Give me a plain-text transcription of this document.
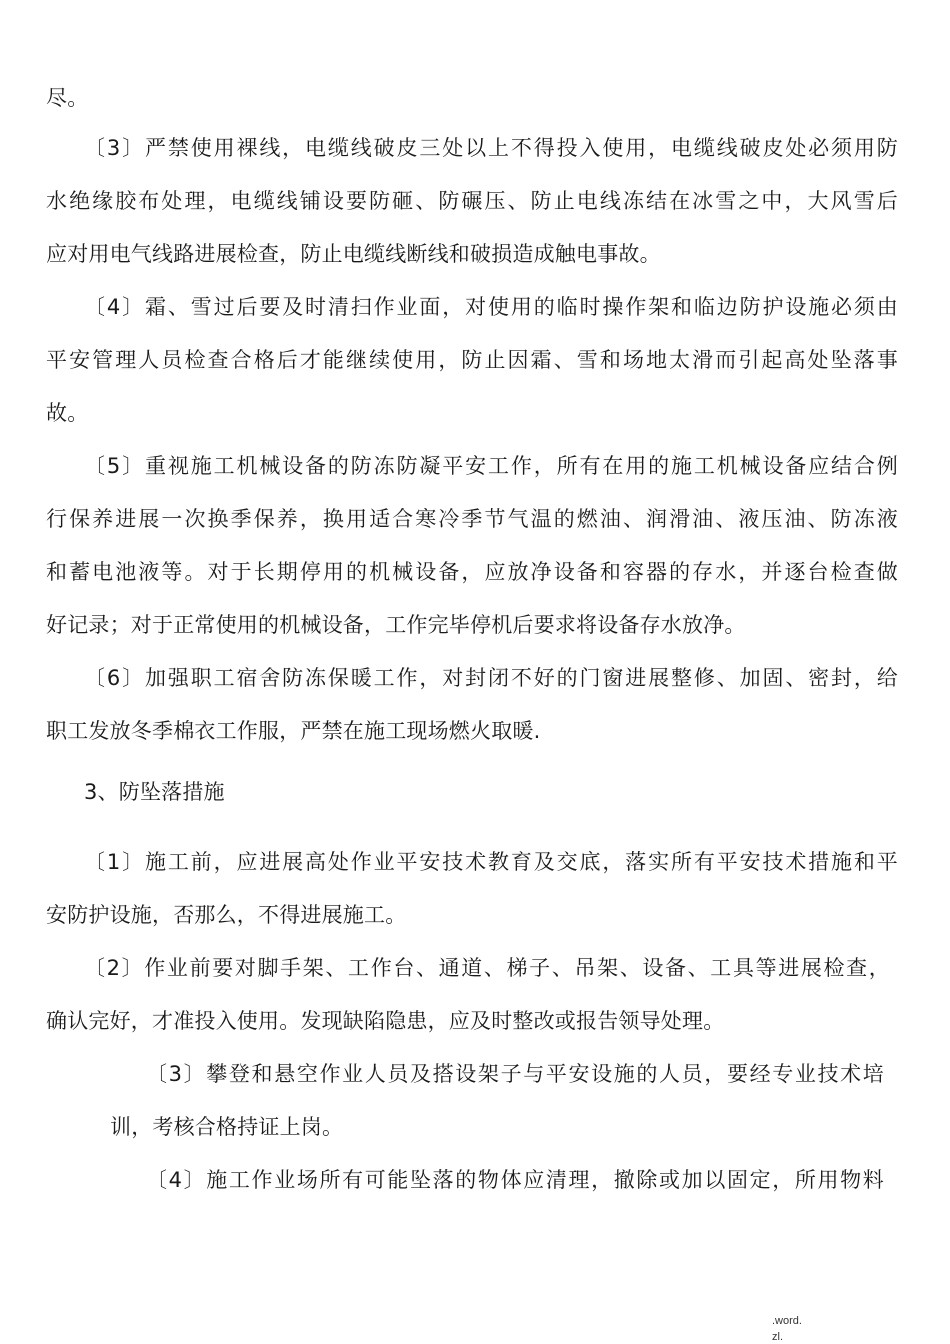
尽。
〔3〕严禁使用裸线，电缆线破皮三处以上不得投入使用，电缆线破皮处必须用防
水绝缘胶布处理，电缆线铺设要防砸、防碾压、防止电线冻结在冰雪之中，大风雪后
应对用电气线路进展检查，防止电缆线断线和破损造成触电事故。
〔4〕霜、雪过后要及时清扫作业面，对使用的临时操作架和临边防护设施必须由
平安管理人员检查合格后才能继续使用，防止因霜、雪和场地太滑而引起高处坠落事
故。
〔5〕重视施工机械设备的防冻防凝平安工作，所有在用的施工机械设备应结合例
行保养进展一次换季保养，换用适合寒冷季节气温的燃油、润滑油、液压油、防冻液
和蓄电池液等。对于长期停用的机械设备，应放净设备和容器的存水，并逐台检查做
好记录；对于正常使用的机械设备，工作完毕停机后要求将设备存水放净。
〔6〕加强职工宿舍防冻保暖工作，对封闭不好的门窗进展整修、加固、密封，给
职工发放冬季棉衣工作服，严禁在施工现场燃火取暖.
3、防坠落措施
〔1〕施工前，应进展高处作业平安技术教育及交底，落实所有平安技术措施和平
安防护设施，否那么，不得进展施工。
〔2〕作业前要对脚手架、工作台、通道、梯子、吊架、设备、工具等进展检查，
确认完好，才准投入使用。发现缺陷隐患，应及时整改或报告领导处理。
〔3〕攀登和悬空作业人员及搭设架子与平安设施的人员，要经专业技术培
训，考核合格持证上岗。
〔4〕施工作业场所有可能坠落的物体应清理，撤除或加以固定，所用物料
.word.
zl.
